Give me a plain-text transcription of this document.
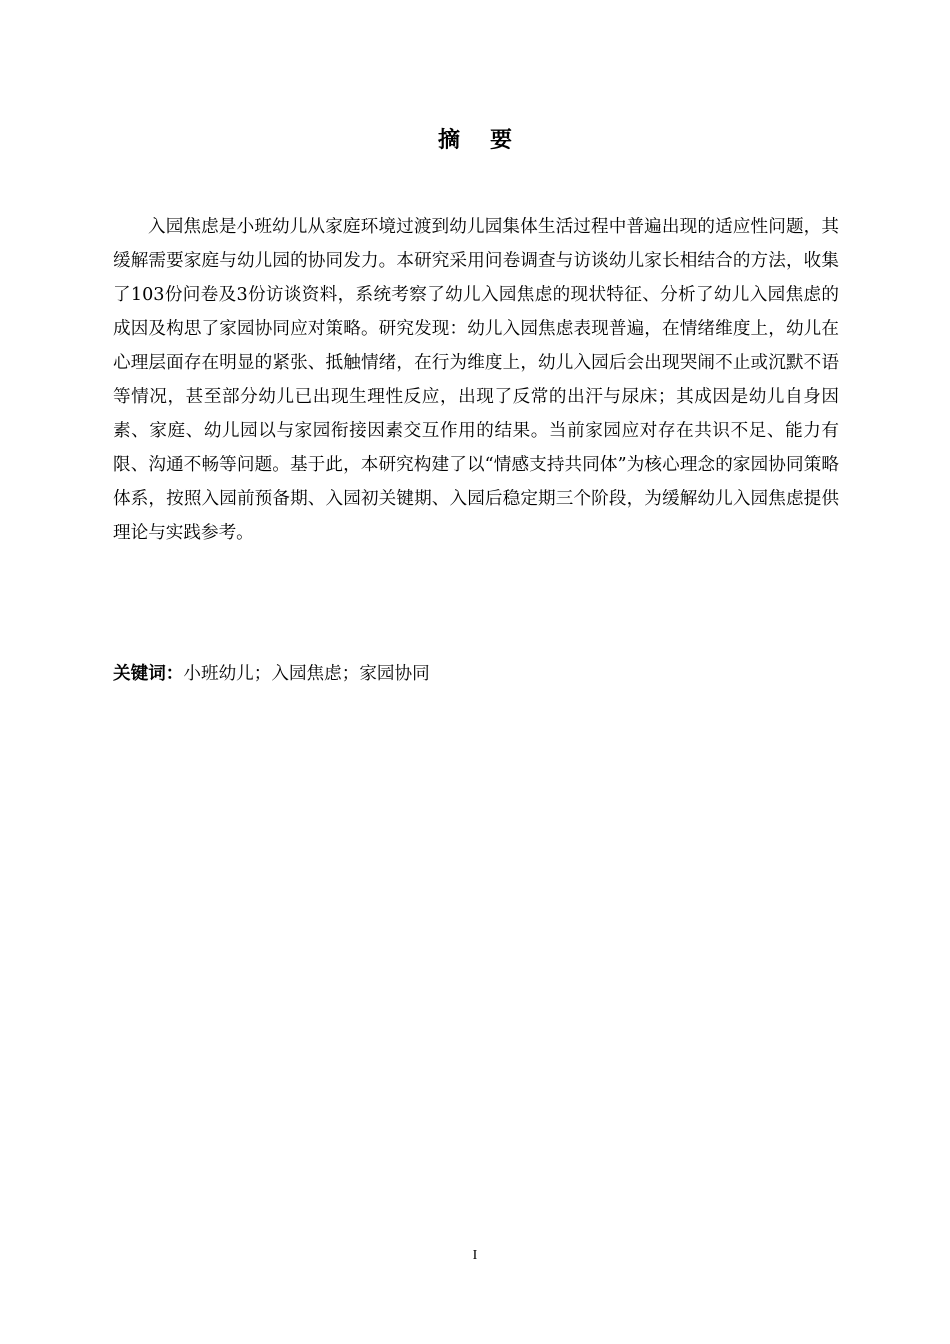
摘要

入园焦虑是小班幼儿从家庭环境过渡到幼儿园集体生活过程中普遍出现的适应性问题，其缓解需要家庭与幼儿园的协同发力。本研究采用问卷调查与访谈幼儿家长相结合的方法，收集了103份问卷及3份访谈资料，系统考察了幼儿入园焦虑的现状特征、分析了幼儿入园焦虑的成因及构思了家园协同应对策略。研究发现：幼儿入园焦虑表现普遍，在情绪维度上，幼儿在心理层面存在明显的紧张、抵触情绪，在行为维度上，幼儿入园后会出现哭闹不止或沉默不语等情况，甚至部分幼儿已出现生理性反应，出现了反常的出汗与尿床；其成因是幼儿自身因素、家庭、幼儿园以与家园衔接因素交互作用的结果。当前家园应对存在共识不足、能力有限、沟通不畅等问题。基于此，本研究构建了以“情感支持共同体”为核心理念的家园协同策略体系，按照入园前预备期、入园初关键期、入园后稳定期三个阶段，为缓解幼儿入园焦虑提供理论与实践参考。

关键词：小班幼儿；入园焦虑；家园协同
I
